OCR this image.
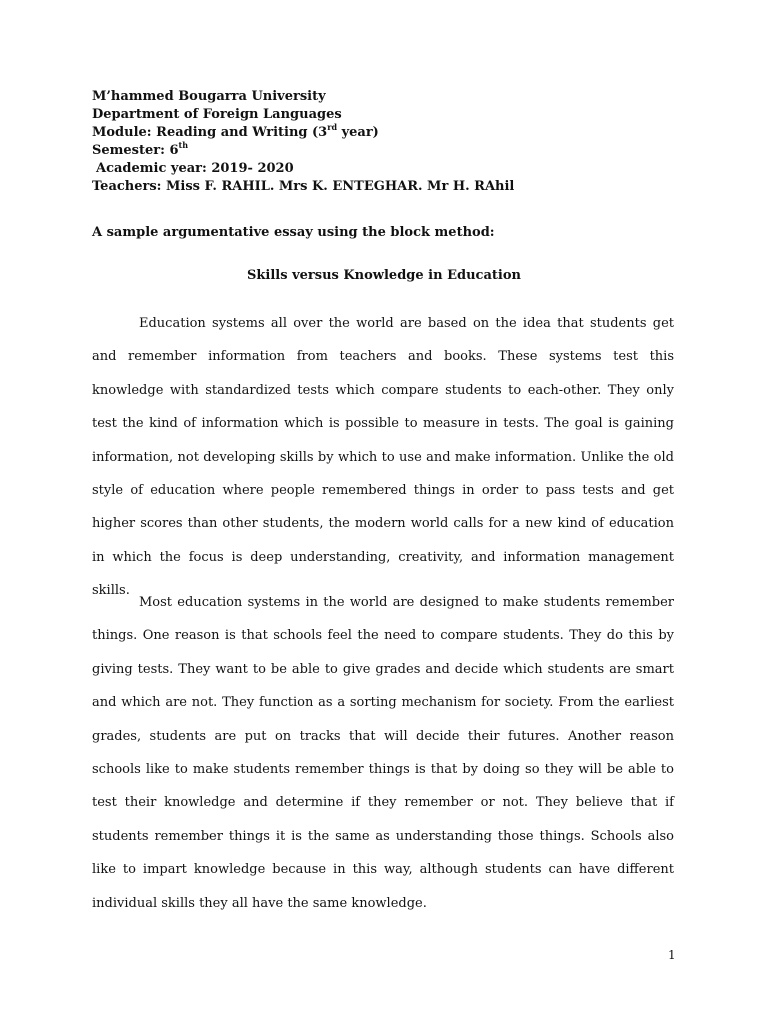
M’hammed Bougarra University
Department of Foreign Languages
Module: Reading and Writing (3rd year)
Semester: 6th
Academic year: 2019- 2020
Teachers: Miss F. RAHIL. Mrs K. ENTEGHAR. Mr H. RAhil
A sample argumentative essay using the block method:
Skills versus Knowledge in Education

Education systems all over the world are based on the idea that students get and remember information from teachers and books. These systems test this knowledge with standardized tests which compare students to each-other. They only test the kind of information which is possible to measure in tests. The goal is gaining information, not developing skills by which to use and make information. Unlike the old style of education where people remembered things in order to pass tests and get higher scores than other students, the modern world calls for a new kind of education in which the focus is deep understanding, creativity, and information management skills.

Most education systems in the world are designed to make students remember things. One reason is that schools feel the need to compare students. They do this by giving tests. They want to be able to give grades and decide which students are smart and which are not. They function as a sorting mechanism for society. From the earliest grades, students are put on tracks that will decide their futures. Another reason schools like to make students remember things is that by doing so they will be able to test their knowledge and determine if they remember or not. They believe that if students remember things it is the same as understanding those things. Schools also like to impart knowledge because in this way, although students can have different individual skills they all have the same knowledge.

1
